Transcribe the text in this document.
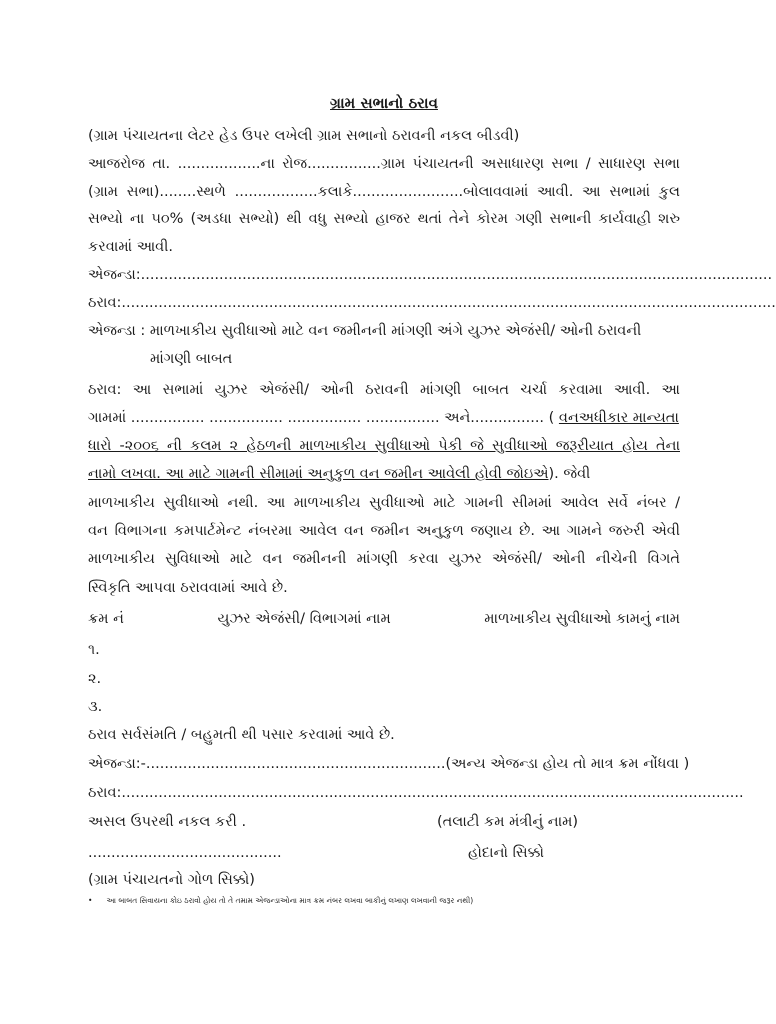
ગ્રામ સભાનો ઠરાવ
(ગ્રામ પંચાયતના લેટર હેડ ઉપર લખેલી ગ્રામ સભાનો ઠરાવની નકલ બીડવી)
આજરોજ તા. ..................ના રોજ................ગ્રામ પંચાયતની અસાધારણ સભા / સાધારણ સભા
(ગ્રામ સભા)........સ્થળે ..................કલાકે........................બોલાવવામાં આવી. આ સભામાં કુલ
સભ્યો ના ૫૦% (અડધા સભ્યો) થી વધુ સભ્યો હાજર થતાં તેને કોરમ ગણી સભાની કાર્યવાહી શરુ
કરવામાં આવી.
એજન્ડા:.........................................................................................................................................
ઠરાવ:..............................................................................................................................................
એજન્ડા : માળખાકીય સુવીધાઓ માટે વન જમીનની માંગણી અંગે યુઝર એજંસી/ ઓની ઠરાવની
માંગણી બાબત
ઠરાવ: આ સભામાં યુઝર એજંસી/ ઓની ઠરાવની માંગણી બાબત ચર્ચા કરવામા આવી. આ
ગામમાં ................ ................ ................ ................ અને................ ( વનઅધીકાર માન્યતા
ધારો -૨૦૦૬ ની કલમ ૨ હેઠળની માળખાકીય સુવીધાઓ પેકી જે સુવીધાઓ જરૂરીયાત હોય તેના
નામો લખવા. આ માટે ગામની સીમામાં અનુકુળ વન જમીન આવેલી હોવી જોઇએ). જેવી
માળખાકીય સુવીધાઓ નથી. આ માળખાકીય સુવીધાઓ માટે ગામની સીમમાં આવેલ સર્વે નંબર /
વન વિભાગના કમપાર્ટમેન્ટ નંબરમા આવેલ વન જમીન અનુકુળ જણાય છે. આ ગામને જરુરી એવી
માળખાકીય સુવિધાઓ માટે વન જમીનની માંગણી કરવા યુઝર એજંસી/ ઓની નીચેની વિગતે
સ્વિકૃતિ આપવા ઠરાવવામાં આવે છે.
ક્રમ નં	યુઝર એજંસી/ વિભાગમાં નામ	માળખાકીય સુવીધાઓ કામનું નામ
૧.
૨.
૩.
ઠરાવ સર્વસંમતિ / બહુમતી થી પસાર કરવામાં આવે છે.
એજન્ડા:-.................................................................(અન્ય એજન્ડા હોય તો માત્ર ક્રમ નોંધવા )
ઠરાવ:.......................................................................................................................................
અસલ ઉપરથી નકલ કરી .	(તલાટી કમ મંત્રીનું નામ)
..........................................	હોદાનો સિક્કો
(ગ્રામ પંચાયતનો ગોળ સિક્કો)
• આ બાબત સિવાયના કોઇ ઠરાવો હોય તો તે તમામ એજન્ડાઓના માત્ર ક્રમ નંબર લખવા બાકીનું લખાણ લખવાની જરૂર નથી)
